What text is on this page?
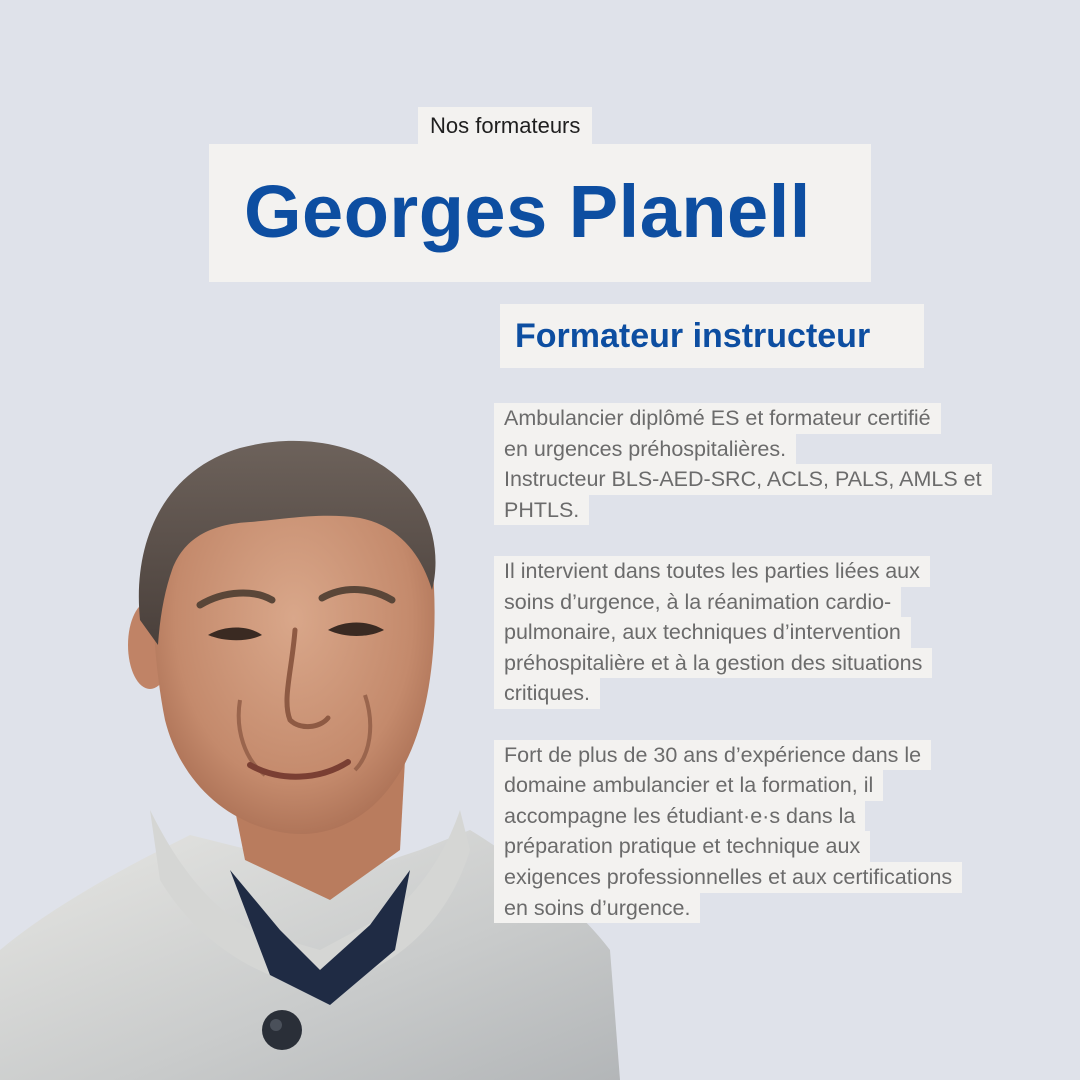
Nos formateurs
Georges Planell
Formateur instructeur

Ambulancier diplômé ES et formateur certifié
en urgences préhospitalières.
Instructeur BLS-AED-SRC, ACLS, PALS, AMLS et
PHTLS.

Il intervient dans toutes les parties liées aux
soins d’urgence, à la réanimation cardio-
pulmonaire, aux techniques d’intervention
préhospitalière et à la gestion des situations
critiques.

Fort de plus de 30 ans d’expérience dans le
domaine ambulancier et la formation, il
accompagne les étudiant·e·s dans la
préparation pratique et technique aux
exigences professionnelles et aux certifications
en soins d’urgence.
